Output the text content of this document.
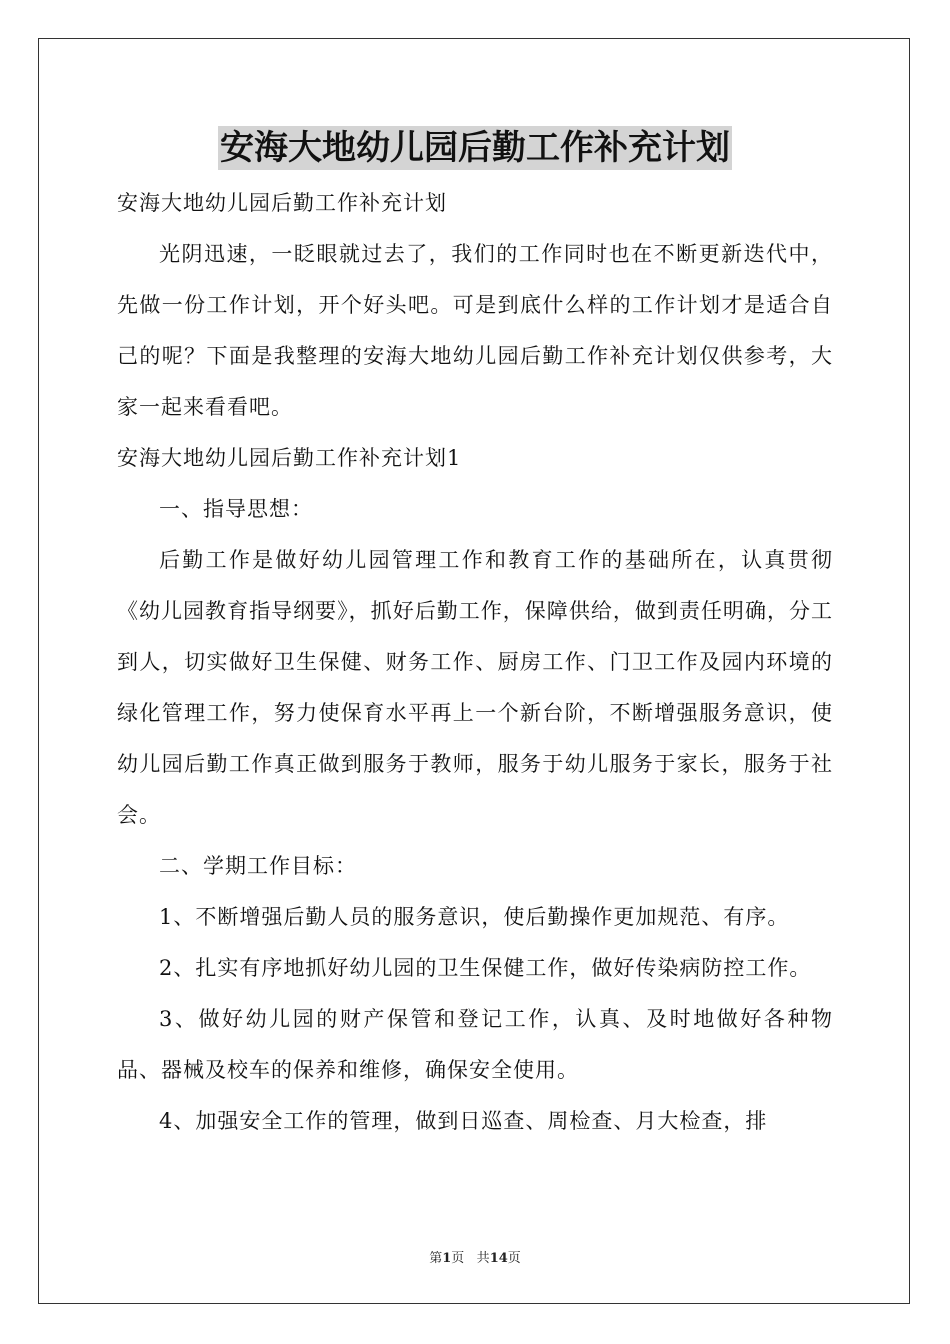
安海大地幼儿园后勤工作补充计划

安海大地幼儿园后勤工作补充计划

光阴迅速，一眨眼就过去了，我们的工作同时也在不断更新迭代中，先做一份工作计划，开个好头吧。可是到底什么样的工作计划才是适合自己的呢？下面是我整理的安海大地幼儿园后勤工作补充计划仅供参考，大家一起来看看吧。

安海大地幼儿园后勤工作补充计划1

一、指导思想：

后勤工作是做好幼儿园管理工作和教育工作的基础所在，认真贯彻《幼儿园教育指导纲要》，抓好后勤工作，保障供给，做到责任明确，分工到人，切实做好卫生保健、财务工作、厨房工作、门卫工作及园内环境的绿化管理工作，努力使保育水平再上一个新台阶，不断增强服务意识，使幼儿园后勤工作真正做到服务于教师，服务于幼儿服务于家长，服务于社会。

二、学期工作目标：

1、不断增强后勤人员的服务意识，使后勤操作更加规范、有序。

2、扎实有序地抓好幼儿园的卫生保健工作，做好传染病防控工作。

3、做好幼儿园的财产保管和登记工作，认真、及时地做好各种物品、器械及校车的保养和维修，确保安全使用。

4、加强安全工作的管理，做到日巡查、周检查、月大检查，排

第1页 共14页
